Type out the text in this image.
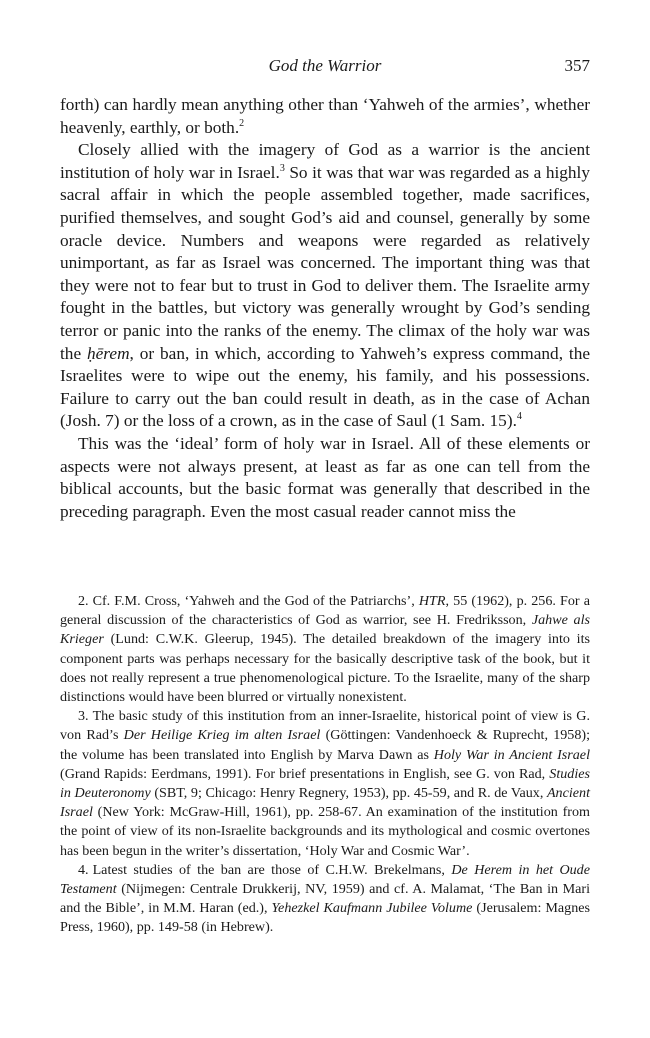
God the Warrior	357

forth) can hardly mean anything other than ‘Yahweh of the armies’, whether heavenly, earthly, or both.$^2$

Closely allied with the imagery of God as a warrior is the ancient institution of holy war in Israel.$^3$ So it was that war was regarded as a highly sacral affair in which the people assembled together, made sacrifices, purified themselves, and sought God’s aid and counsel, generally by some oracle device. Numbers and weapons were regarded as relatively unimportant, as far as Israel was concerned. The important thing was that they were not to fear but to trust in God to deliver them. The Israelite army fought in the battles, but victory was generally wrought by God’s sending terror or panic into the ranks of the enemy. The climax of the holy war was the ḥērem, or ban, in which, according to Yahweh’s express command, the Israelites were to wipe out the enemy, his family, and his possessions. Failure to carry out the ban could result in death, as in the case of Achan (Josh. 7) or the loss of a crown, as in the case of Saul (1 Sam. 15).$^4$

This was the ‘ideal’ form of holy war in Israel. All of these elements or aspects were not always present, at least as far as one can tell from the biblical accounts, but the basic format was generally that described in the preceding paragraph. Even the most casual reader cannot miss the

2. Cf. F.M. Cross, ‘Yahweh and the God of the Patriarchs’, HTR, 55 (1962), p. 256. For a general discussion of the characteristics of God as warrior, see H. Fredriksson, Jahwe als Krieger (Lund: C.W.K. Gleerup, 1945). The detailed breakdown of the imagery into its component parts was perhaps necessary for the basically descriptive task of the book, but it does not really represent a true phenomenological picture. To the Israelite, many of the sharp distinctions would have been blurred or virtually nonexistent.

3. The basic study of this institution from an inner-Israelite, historical point of view is G. von Rad’s Der Heilige Krieg im alten Israel (Göttingen: Vandenhoeck & Ruprecht, 1958); the volume has been translated into English by Marva Dawn as Holy War in Ancient Israel (Grand Rapids: Eerdmans, 1991). For brief presentations in English, see G. von Rad, Studies in Deuteronomy (SBT, 9; Chicago: Henry Regnery, 1953), pp. 45-59, and R. de Vaux, Ancient Israel (New York: McGraw-Hill, 1961), pp. 258-67. An examination of the institution from the point of view of its non-Israelite backgrounds and its mythological and cosmic overtones has been begun in the writer’s dissertation, ‘Holy War and Cosmic War’.

4. Latest studies of the ban are those of C.H.W. Brekelmans, De Herem in het Oude Testament (Nijmegen: Centrale Drukkerij, NV, 1959) and cf. A. Malamat, ‘The Ban in Mari and the Bible’, in M.M. Haran (ed.), Yehezkel Kaufmann Jubilee Volume (Jerusalem: Magnes Press, 1960), pp. 149-58 (in Hebrew).
